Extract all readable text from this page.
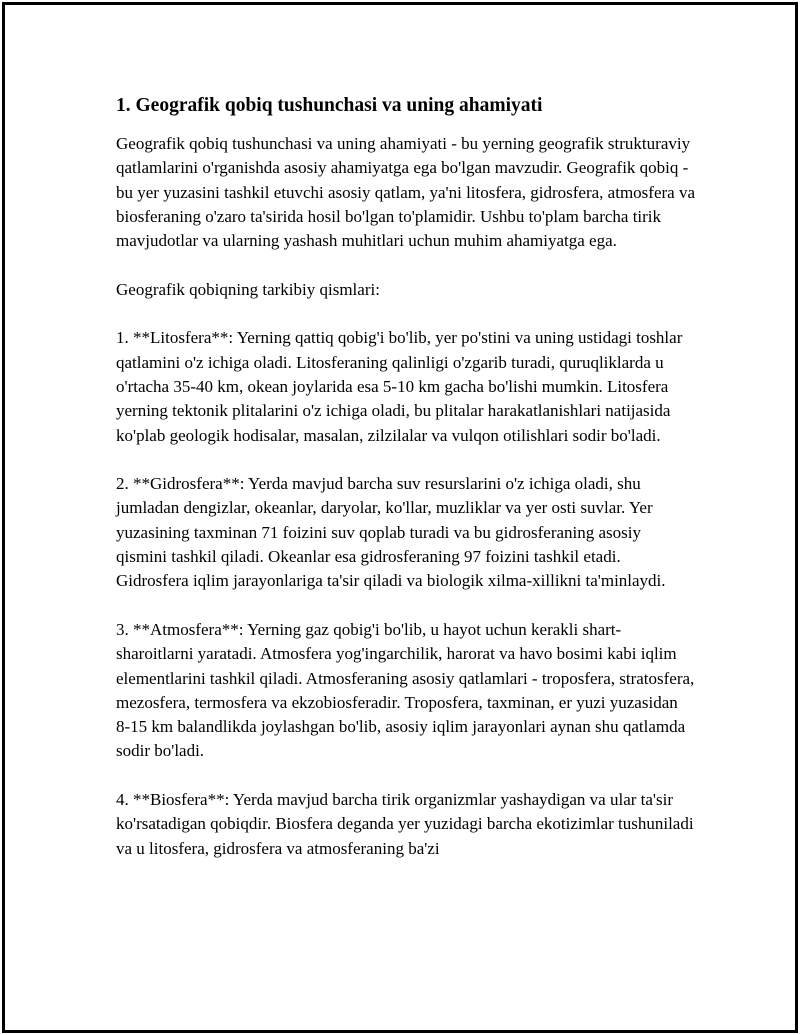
1. Geografik qobiq tushunchasi va uning ahamiyati

Geografik qobiq tushunchasi va uning ahamiyati - bu yerning geografik strukturaviy qatlamlarini o'rganishda asosiy ahamiyatga ega bo'lgan mavzudir. Geografik qobiq - bu yer yuzasini tashkil etuvchi asosiy qatlam, ya'ni litosfera, gidrosfera, atmosfera va biosferaning o'zaro ta'sirida hosil bo'lgan to'plamidir. Ushbu to'plam barcha tirik mavjudotlar va ularning yashash muhitlari uchun muhim ahamiyatga ega.

Geografik qobiqning tarkibiy qismlari:

1. **Litosfera**: Yerning qattiq qobig'i bo'lib, yer po'stini va uning ustidagi toshlar qatlamini o'z ichiga oladi. Litosferaning qalinligi o'zgarib turadi, quruqliklarda u o'rtacha 35-40 km, okean joylarida esa 5-10 km gacha bo'lishi mumkin. Litosfera yerning tektonik plitalarini o'z ichiga oladi, bu plitalar harakatlanishlari natijasida ko'plab geologik hodisalar, masalan, zilzilalar va vulqon otilishlari sodir bo'ladi.

2. **Gidrosfera**: Yerda mavjud barcha suv resurslarini o'z ichiga oladi, shu jumladan dengizlar, okeanlar, daryolar, ko'llar, muzliklar va yer osti suvlar. Yer yuzasining taxminan 71 foizini suv qoplab turadi va bu gidrosferaning asosiy qismini tashkil qiladi. Okeanlar esa gidrosferaning 97 foizini tashkil etadi. Gidrosfera iqlim jarayonlariga ta'sir qiladi va biologik xilma-xillikni ta'minlaydi.

3. **Atmosfera**: Yerning gaz qobig'i bo'lib, u hayot uchun kerakli shart-sharoitlarni yaratadi. Atmosfera yog'ingarchilik, harorat va havo bosimi kabi iqlim elementlarini tashkil qiladi. Atmosferaning asosiy qatlamlari - troposfera, stratosfera, mezosfera, termosfera va ekzobiosferadir. Troposfera, taxminan, er yuzi yuzasidan 8-15 km balandlikda joylashgan bo'lib, asosiy iqlim jarayonlari aynan shu qatlamda sodir bo'ladi.

4. **Biosfera**: Yerda mavjud barcha tirik organizmlar yashaydigan va ular ta'sir ko'rsatadigan qobiqdir. Biosfera deganda yer yuzidagi barcha ekotizimlar tushuniladi va u litosfera, gidrosfera va atmosferaning ba'zi
